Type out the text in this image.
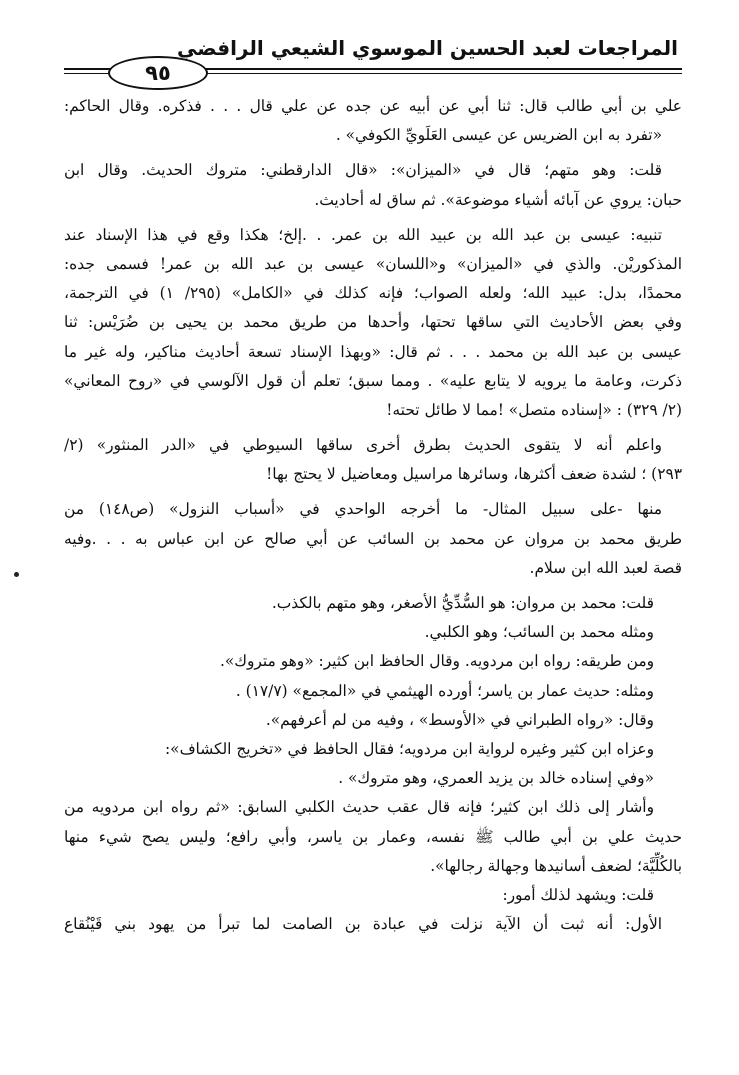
المراجعات لعبد الحسين الموسوي الشيعي الرافضي
٩٥
علي بن أبي طالب قال: ثنا أبي عن أبيه عن جده عن علي قال . . . فذكره. وقال الحاكم:
«تفرد به ابن الضريس عن عيسى العَلَويِّ الكوفي» .
قلت: وهو متهم؛ قال في «الميزان»: «قال الدارقطني: متروك الحديث. وقال ابن
حبان: يروي عن آبائه أشياء موضوعة». ثم ساق له أحاديث.
تنبيه: عيسى بن عبد الله بن عبيد الله بن عمر. . .إلخ؛ هكذا وقع في هذا الإسناد عند
المذكوريْن. والذي في «الميزان» و«اللسان» عيسى بن عبد الله بن عمر! فسمى جده:
محمدًا، بدل: عبيد الله؛ ولعله الصواب؛ فإنه كذلك في «الكامل» (٢٩٥/ ١) في الترجمة،
وفي بعض الأحاديث التي ساقها تحتها، وأحدها من طريق محمد بن يحيى بن ضُرَيْس: ثنا
عيسى بن عبد الله بن محمد . . . ثم قال: «وبهذا الإسناد تسعة أحاديث مناكير، وله غير ما
ذكرت، وعامة ما يرويه لا يتابع عليه» . ومما سبق؛ تعلم أن قول الآلوسي في «روح المعاني»
(٢/ ٣٢٩) : «إسناده متصل» !مما لا طائل تحته!
واعلم أنه لا يتقوى الحديث بطرق أخرى ساقها السيوطي في «الدر المنثور» (٢/
٢٩٣) ؛ لشدة ضعف أكثرها، وسائرها مراسيل ومعاضيل لا يحتج بها!
منها -على سبيل المثال- ما أخرجه الواحدي في «أسباب النزول» (ص١٤٨) من
طريق محمد بن مروان عن محمد بن السائب عن أبي صالح عن ابن عباس به . . .وفيه
قصة لعبد الله ابن سلام.
قلت: محمد بن مروان: هو السُّدِّيُّ الأصغر، وهو متهم بالكذب.
ومثله محمد بن السائب؛ وهو الكلبي.
ومن طريقه: رواه ابن مردويه. وقال الحافظ ابن كثير: «وهو متروك».
ومثله: حديث عمار بن ياسر؛ أورده الهيثمي في «المجمع» (١٧/٧) .
وقال: «رواه الطبراني في «الأوسط» ، وفيه من لم أعرفهم».
وعزاه ابن كثير وغيره لرواية ابن مردويه؛ فقال الحافظ في «تخريج الكشاف»:
«وفي إسناده خالد بن يزيد العمري، وهو متروك» .
وأشار إلى ذلك ابن كثير؛ فإنه قال عقب حديث الكلبي السابق: «ثم رواه ابن مردويه من
حديث علي بن أبي طالب ﷺ نفسه، وعمار بن ياسر، وأبي رافع؛ وليس يصح شيء منها
بالكُلِّيَّة؛ لضعف أسانيدها وجهالة رجالها».
قلت: ويشهد لذلك أمور:
الأول: أنه ثبت أن الآية نزلت في عبادة بن الصامت لما تبرأ من يهود بني قَيْنُقاع
